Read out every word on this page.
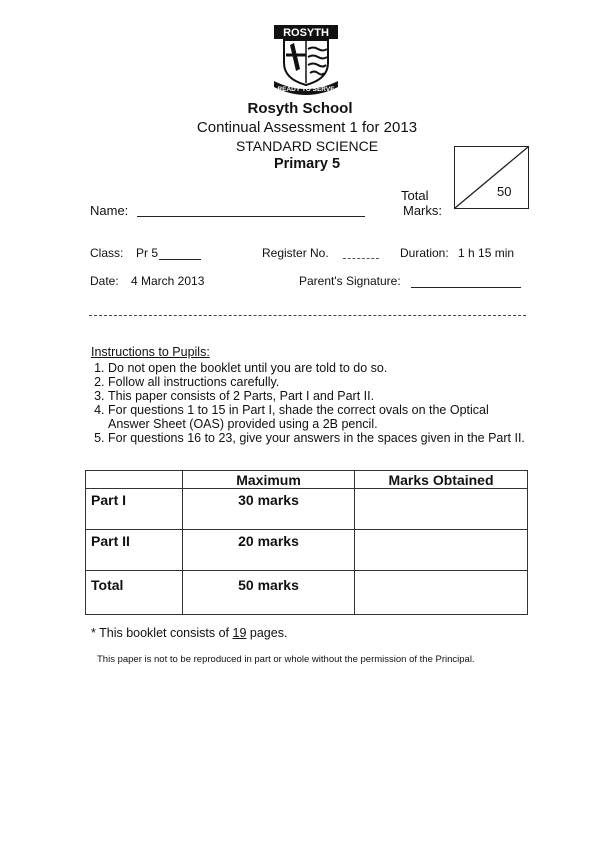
ROSYTH
READY TO SERVE
Rosyth School
Continual Assessment 1 for 2013
STANDARD SCIENCE
Primary 5
Total
Marks:
50
Name:
Class: Pr 5	Register No.	Duration: 1 h 15 min
Date: 4 March 2013	Parent's Signature:
Instructions to Pupils:
1. Do not open the booklet until you are told to do so.
2. Follow all instructions carefully.
3. This paper consists of 2 Parts, Part I and Part II.
4. For questions 1 to 15 in Part I, shade the correct ovals on the Optical Answer Sheet (OAS) provided using a 2B pencil.
5. For questions 16 to 23, give your answers in the spaces given in the Part II.
	Maximum	Marks Obtained
Part I	30 marks	
Part II	20 marks	
Total	50 marks	
* This booklet consists of 19 pages.
This paper is not to be reproduced in part or whole without the permission of the Principal.
